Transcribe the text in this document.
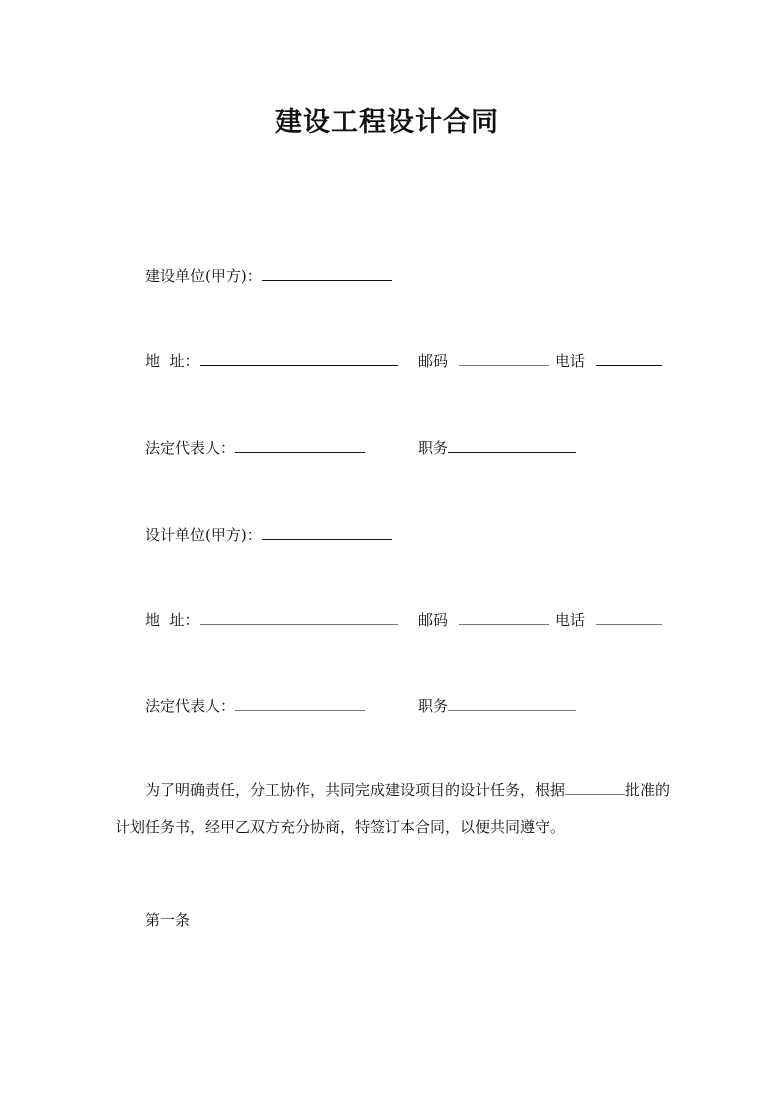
建设工程设计合同
建设单位(甲方)：
地  址：	邮码	电话
法定代表人：	职务
设计单位(甲方)：
地  址：	邮码	电话
法定代表人：	职务
为了明确责任，分工协作，共同完成建设项目的设计任务，根据	批准的计划任务书，经甲乙双方充分协商，特签订本合同，以便共同遵守。
第一条
